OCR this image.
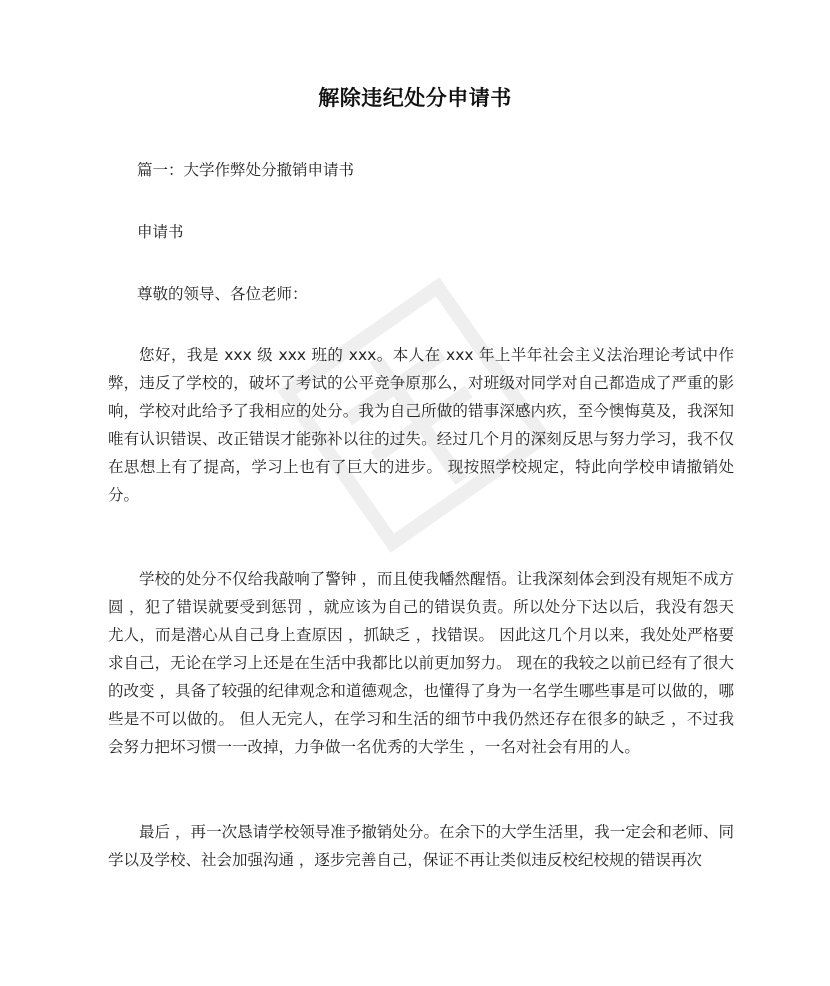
解除违纪处分申请书
篇一：大学作弊处分撤销申请书
申请书
尊敬的领导、各位老师：

您好，我是 xxx 级 xxx 班的 xxx。本人在 xxx 年上半年社会主义法治理论考试中作弊，违反了学校的，破坏了考试的公平竞争原那么，对班级对同学对自己都造成了严重的影响，学校对此给予了我相应的处分。我为自己所做的错事深感内疚，至今懊悔莫及，我深知唯有认识错误、改正错误才能弥补以往的过失。经过几个月的深刻反思与努力学习，我不仅在思想上有了提高，学习上也有了巨大的进步。 现按照学校规定，特此向学校申请撤销处分。

学校的处分不仅给我敲响了警钟 ，而且使我幡然醒悟。让我深刻体会到没有规矩不成方圆 ，犯了错误就要受到惩罚 ，就应该为自己的错误负责。所以处分下达以后，我没有怨天尤人，而是潜心从自己身上查原因 ，抓缺乏 ，找错误。 因此这几个月以来，我处处严格要求自己，无论在学习上还是在生活中我都比以前更加努力。 现在的我较之以前已经有了很大的改变 ，具备了较强的纪律观念和道德观念，也懂得了身为一名学生哪些事是可以做的，哪些是不可以做的。 但人无完人，在学习和生活的细节中我仍然还存在很多的缺乏 ，不过我会努力把坏习惯一一改掉，力争做一名优秀的大学生 ，一名对社会有用的人。

最后 ，再一次恳请学校领导准予撤销处分。在余下的大学生活里，我一定会和老师、同学以及学校、社会加强沟通 ，逐步完善自己，保证不再让类似违反校纪校规的错误再次
